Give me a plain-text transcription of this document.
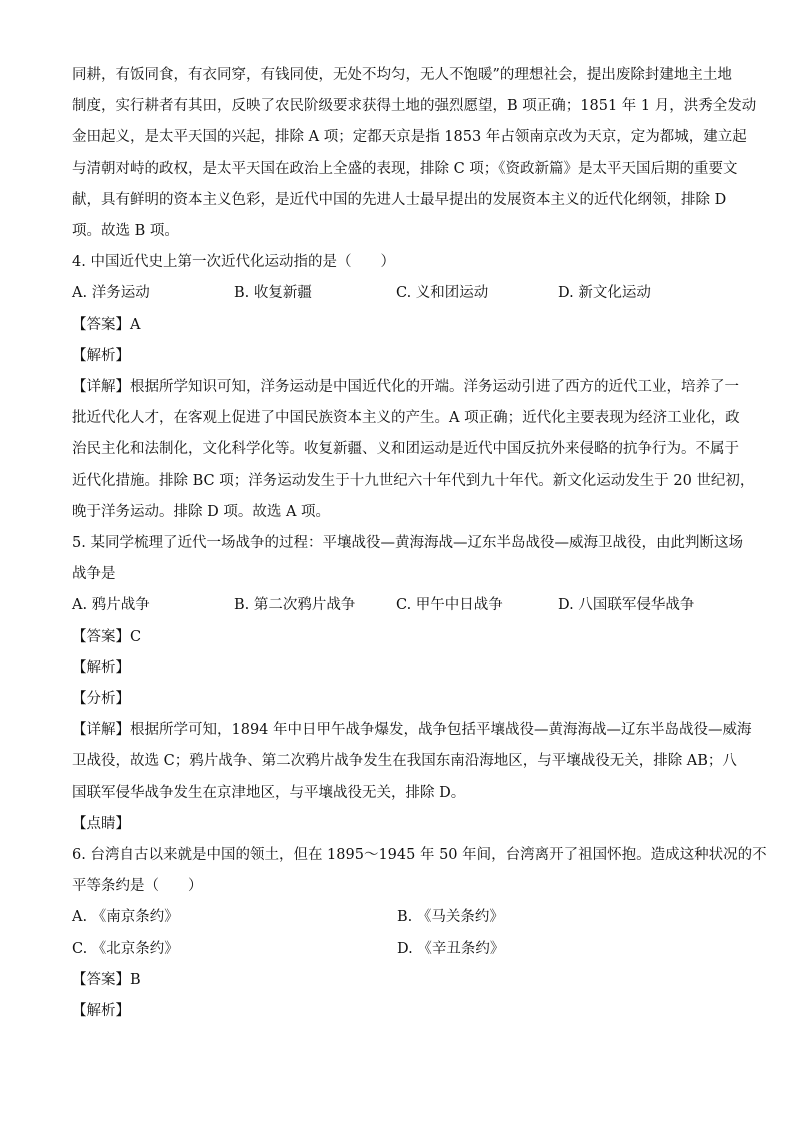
同耕，有饭同食，有衣同穿，有钱同使，无处不均匀，无人不饱暖”的理想社会，提出废除封建地主土地
制度，实行耕者有其田，反映了农民阶级要求获得土地的强烈愿望，B 项正确；1851 年 1 月，洪秀全发动
金田起义，是太平天国的兴起，排除 A 项；定都天京是指 1853 年占领南京改为天京，定为都城，建立起
与清朝对峙的政权，是太平天国在政治上全盛的表现，排除 C 项；《资政新篇》是太平天国后期的重要文
献，具有鲜明的资本主义色彩，是近代中国的先进人士最早提出的发展资本主义的近代化纲领，排除 D
项。故选 B 项。
4. 中国近代史上第一次近代化运动指的是（　　）
A. 洋务运动	B. 收复新疆	C. 义和团运动	D. 新文化运动
【答案】A
【解析】
【详解】根据所学知识可知，洋务运动是中国近代化的开端。洋务运动引进了西方的近代工业，培养了一
批近代化人才，在客观上促进了中国民族资本主义的产生。A 项正确；近代化主要表现为经济工业化，政
治民主化和法制化，文化科学化等。收复新疆、义和团运动是近代中国反抗外来侵略的抗争行为。不属于
近代化措施。排除 BC 项；洋务运动发生于十九世纪六十年代到九十年代。新文化运动发生于 20 世纪初，
晚于洋务运动。排除 D 项。故选 A 项。
5. 某同学梳理了近代一场战争的过程：平壤战役—黄海海战—辽东半岛战役—威海卫战役，由此判断这场
战争是
A. 鸦片战争	B. 第二次鸦片战争	C. 甲午中日战争	D. 八国联军侵华战争
【答案】C
【解析】
【分析】
【详解】根据所学可知，1894 年中日甲午战争爆发，战争包括平壤战役—黄海海战—辽东半岛战役—威海
卫战役，故选 C；鸦片战争、第二次鸦片战争发生在我国东南沿海地区，与平壤战役无关，排除 AB；八
国联军侵华战争发生在京津地区，与平壤战役无关，排除 D。
【点睛】
6. 台湾自古以来就是中国的领土，但在 1895～1945 年 50 年间，台湾离开了祖国怀抱。造成这种状况的不
平等条约是（　　）
A. 《南京条约》	B. 《马关条约》
C. 《北京条约》	D. 《辛丑条约》
【答案】B
【解析】
